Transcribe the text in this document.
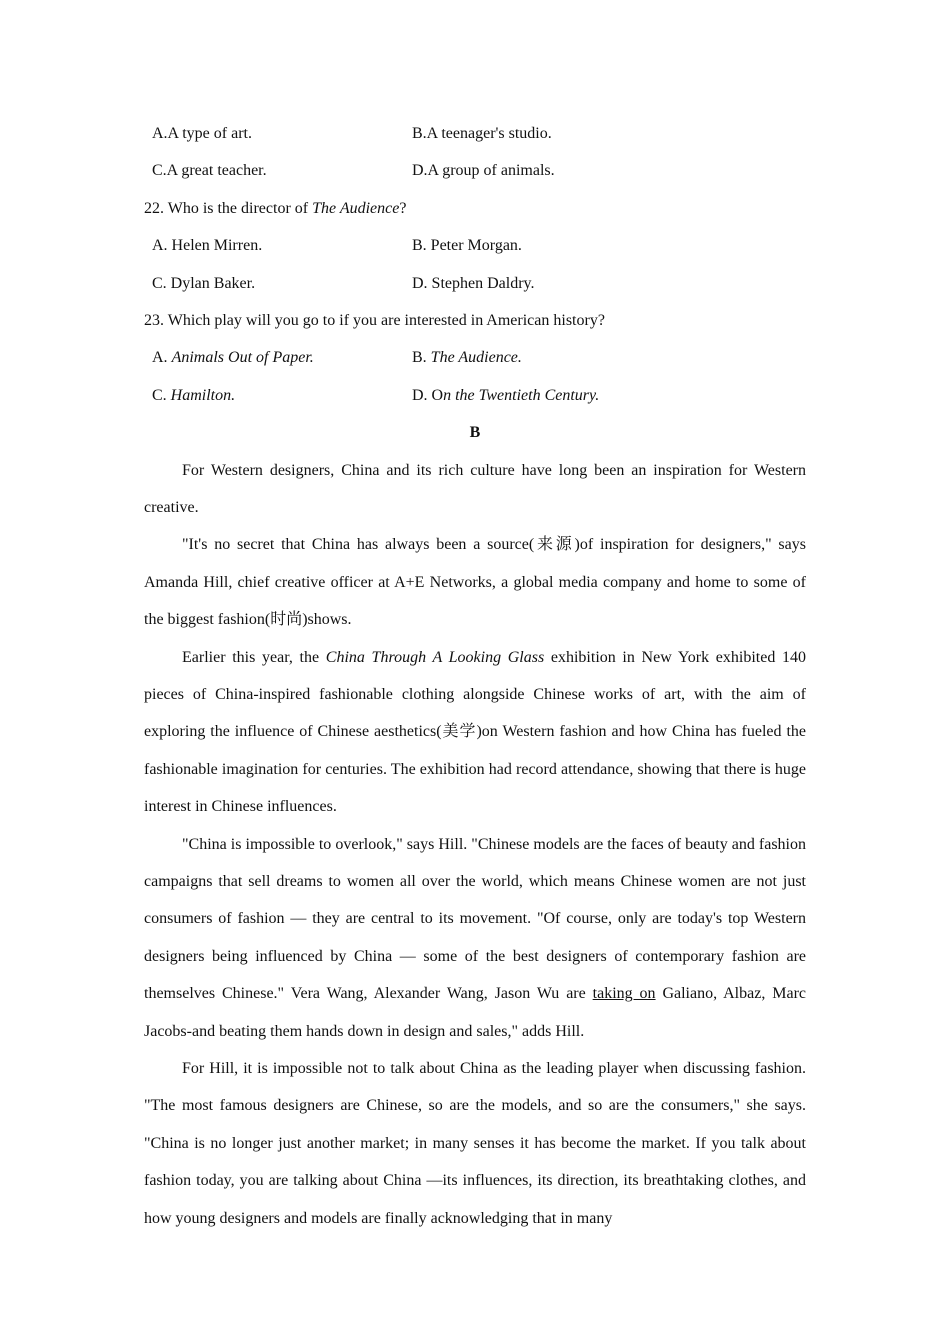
A.A type of art.	B.A teenager's studio.
C.A great teacher.	D.A group of animals.
22. Who is the director of The Audience?
A. Helen Mirren.	B. Peter Morgan.
C. Dylan Baker.	D. Stephen Daldry.
23. Which play will you go to if you are interested in American history?
A. Animals Out of Paper.	B. The Audience.
C. Hamilton.	D. On the Twentieth Century.
B

For Western designers, China and its rich culture have long been an inspiration for Western creative.

"It's no secret that China has always been a source(来源)of inspiration for designers," says Amanda Hill, chief creative officer at A+E Networks, a global media company and home to some of the biggest fashion(时尚)shows.

Earlier this year, the China Through A Looking Glass exhibition in New York exhibited 140 pieces of China-inspired fashionable clothing alongside Chinese works of art, with the aim of exploring the influence of Chinese aesthetics(美学)on Western fashion and how China has fueled the fashionable imagination for centuries. The exhibition had record attendance, showing that there is huge interest in Chinese influences.

"China is impossible to overlook," says Hill. "Chinese models are the faces of beauty and fashion campaigns that sell dreams to women all over the world, which means Chinese women are not just consumers of fashion — they are central to its movement. "Of course, only are today's top Western designers being influenced by China — some of the best designers of contemporary fashion are themselves Chinese." Vera Wang, Alexander Wang, Jason Wu are taking on Galiano, Albaz, Marc Jacobs-and beating them hands down in design and sales," adds Hill.

For Hill, it is impossible not to talk about China as the leading player when discussing fashion. "The most famous designers are Chinese, so are the models, and so are the consumers," she says. "China is no longer just another market; in many senses it has become the market. If you talk about fashion today, you are talking about China —its influences, its direction, its breathtaking clothes, and how young designers and models are finally acknowledging that in many
